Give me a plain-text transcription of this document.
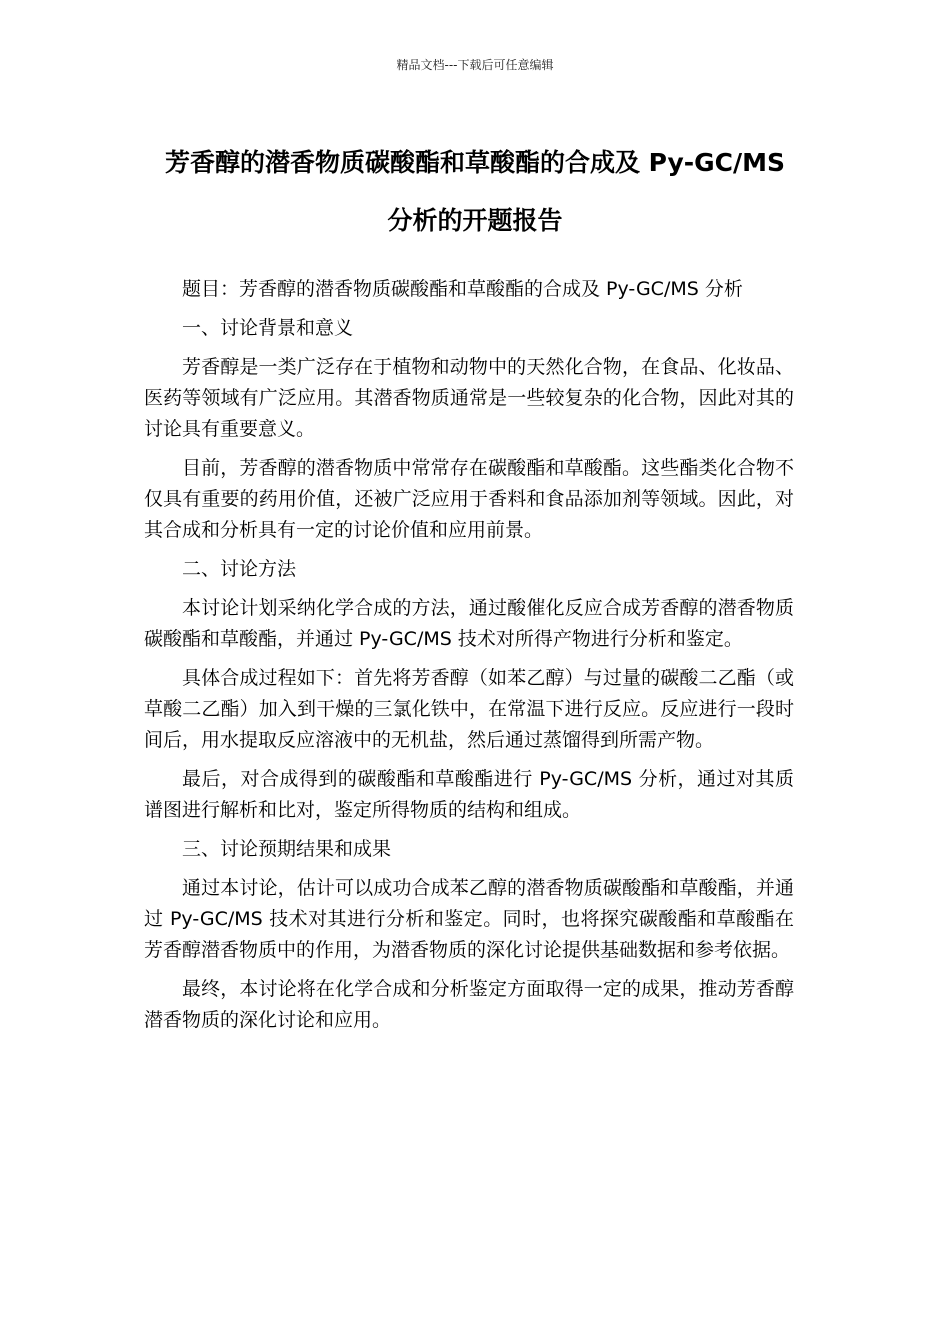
精品文档---下载后可任意编辑
芳香醇的潜香物质碳酸酯和草酸酯的合成及 Py-GC/MS 分析的开题报告

题目：芳香醇的潜香物质碳酸酯和草酸酯的合成及 Py-GC/MS 分析

一、讨论背景和意义

芳香醇是一类广泛存在于植物和动物中的天然化合物，在食品、化妆品、医药等领域有广泛应用。其潜香物质通常是一些较复杂的化合物，因此对其的讨论具有重要意义。

目前，芳香醇的潜香物质中常常存在碳酸酯和草酸酯。这些酯类化合物不仅具有重要的药用价值，还被广泛应用于香料和食品添加剂等领域。因此，对其合成和分析具有一定的讨论价值和应用前景。

二、讨论方法

本讨论计划采纳化学合成的方法，通过酸催化反应合成芳香醇的潜香物质碳酸酯和草酸酯，并通过 Py-GC/MS 技术对所得产物进行分析和鉴定。

具体合成过程如下：首先将芳香醇（如苯乙醇）与过量的碳酸二乙酯（或草酸二乙酯）加入到干燥的三氯化铁中，在常温下进行反应。反应进行一段时间后，用水提取反应溶液中的无机盐，然后通过蒸馏得到所需产物。

最后，对合成得到的碳酸酯和草酸酯进行 Py-GC/MS 分析，通过对其质谱图进行解析和比对，鉴定所得物质的结构和组成。

三、讨论预期结果和成果

通过本讨论，估计可以成功合成苯乙醇的潜香物质碳酸酯和草酸酯，并通过 Py-GC/MS 技术对其进行分析和鉴定。同时，也将探究碳酸酯和草酸酯在芳香醇潜香物质中的作用，为潜香物质的深化讨论提供基础数据和参考依据。

最终，本讨论将在化学合成和分析鉴定方面取得一定的成果，推动芳香醇潜香物质的深化讨论和应用。
